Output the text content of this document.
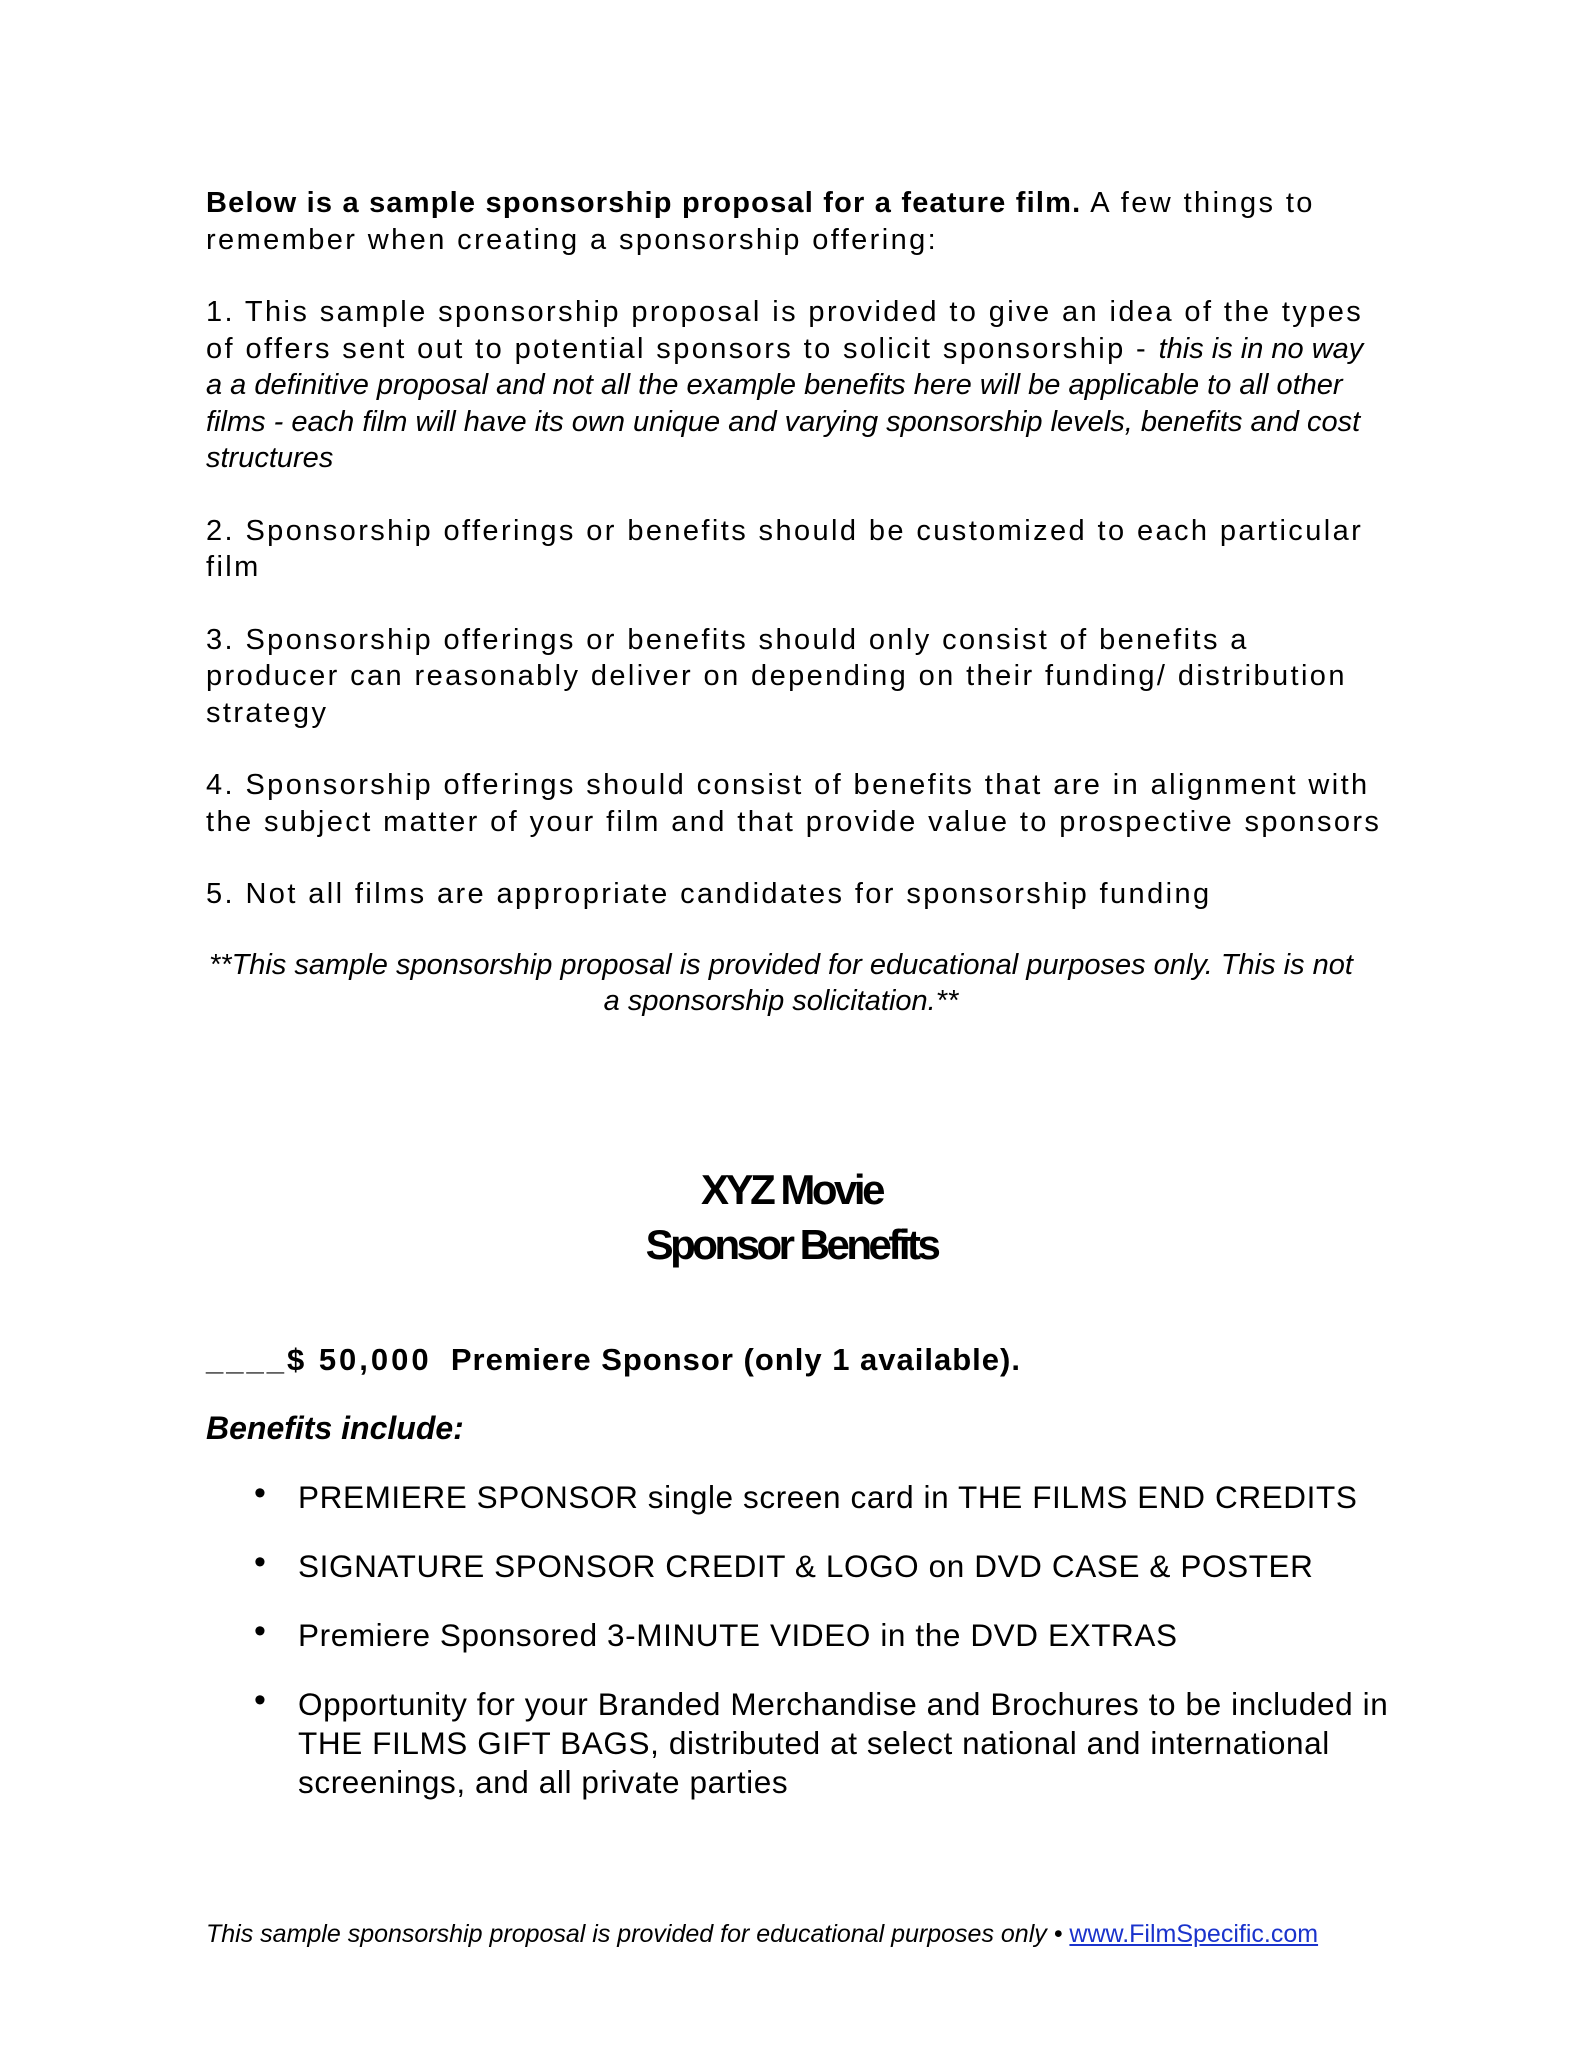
Below is a sample sponsorship proposal for a feature film. A few things to remember when creating a sponsorship offering:

1. This sample sponsorship proposal is provided to give an idea of the types of offers sent out to potential sponsors to solicit sponsorship - this is in no way a a definitive proposal and not all the example benefits here will be applicable to all other films - each film will have its own unique and varying sponsorship levels, benefits and cost structures

2. Sponsorship offerings or benefits should be customized to each particular film

3. Sponsorship offerings or benefits should only consist of benefits a producer can reasonably deliver on depending on their funding/ distribution strategy

4. Sponsorship offerings should consist of benefits that are in alignment with the subject matter of your film and that provide value to prospective sponsors

5. Not all films are appropriate candidates for sponsorship funding

**This sample sponsorship proposal is provided for educational purposes only. This is not a sponsorship solicitation.**

XYZ Movie
Sponsor Benefits
____$ 50,000 Premiere Sponsor (only 1 available).
Benefits include:
• PREMIERE SPONSOR single screen card in THE FILMS END CREDITS
• SIGNATURE SPONSOR CREDIT & LOGO on DVD CASE & POSTER
• Premiere Sponsored 3-MINUTE VIDEO in the DVD EXTRAS
• Opportunity for your Branded Merchandise and Brochures to be included in THE FILMS GIFT BAGS, distributed at select national and international screenings, and all private parties
This sample sponsorship proposal is provided for educational purposes only • www.FilmSpecific.com
